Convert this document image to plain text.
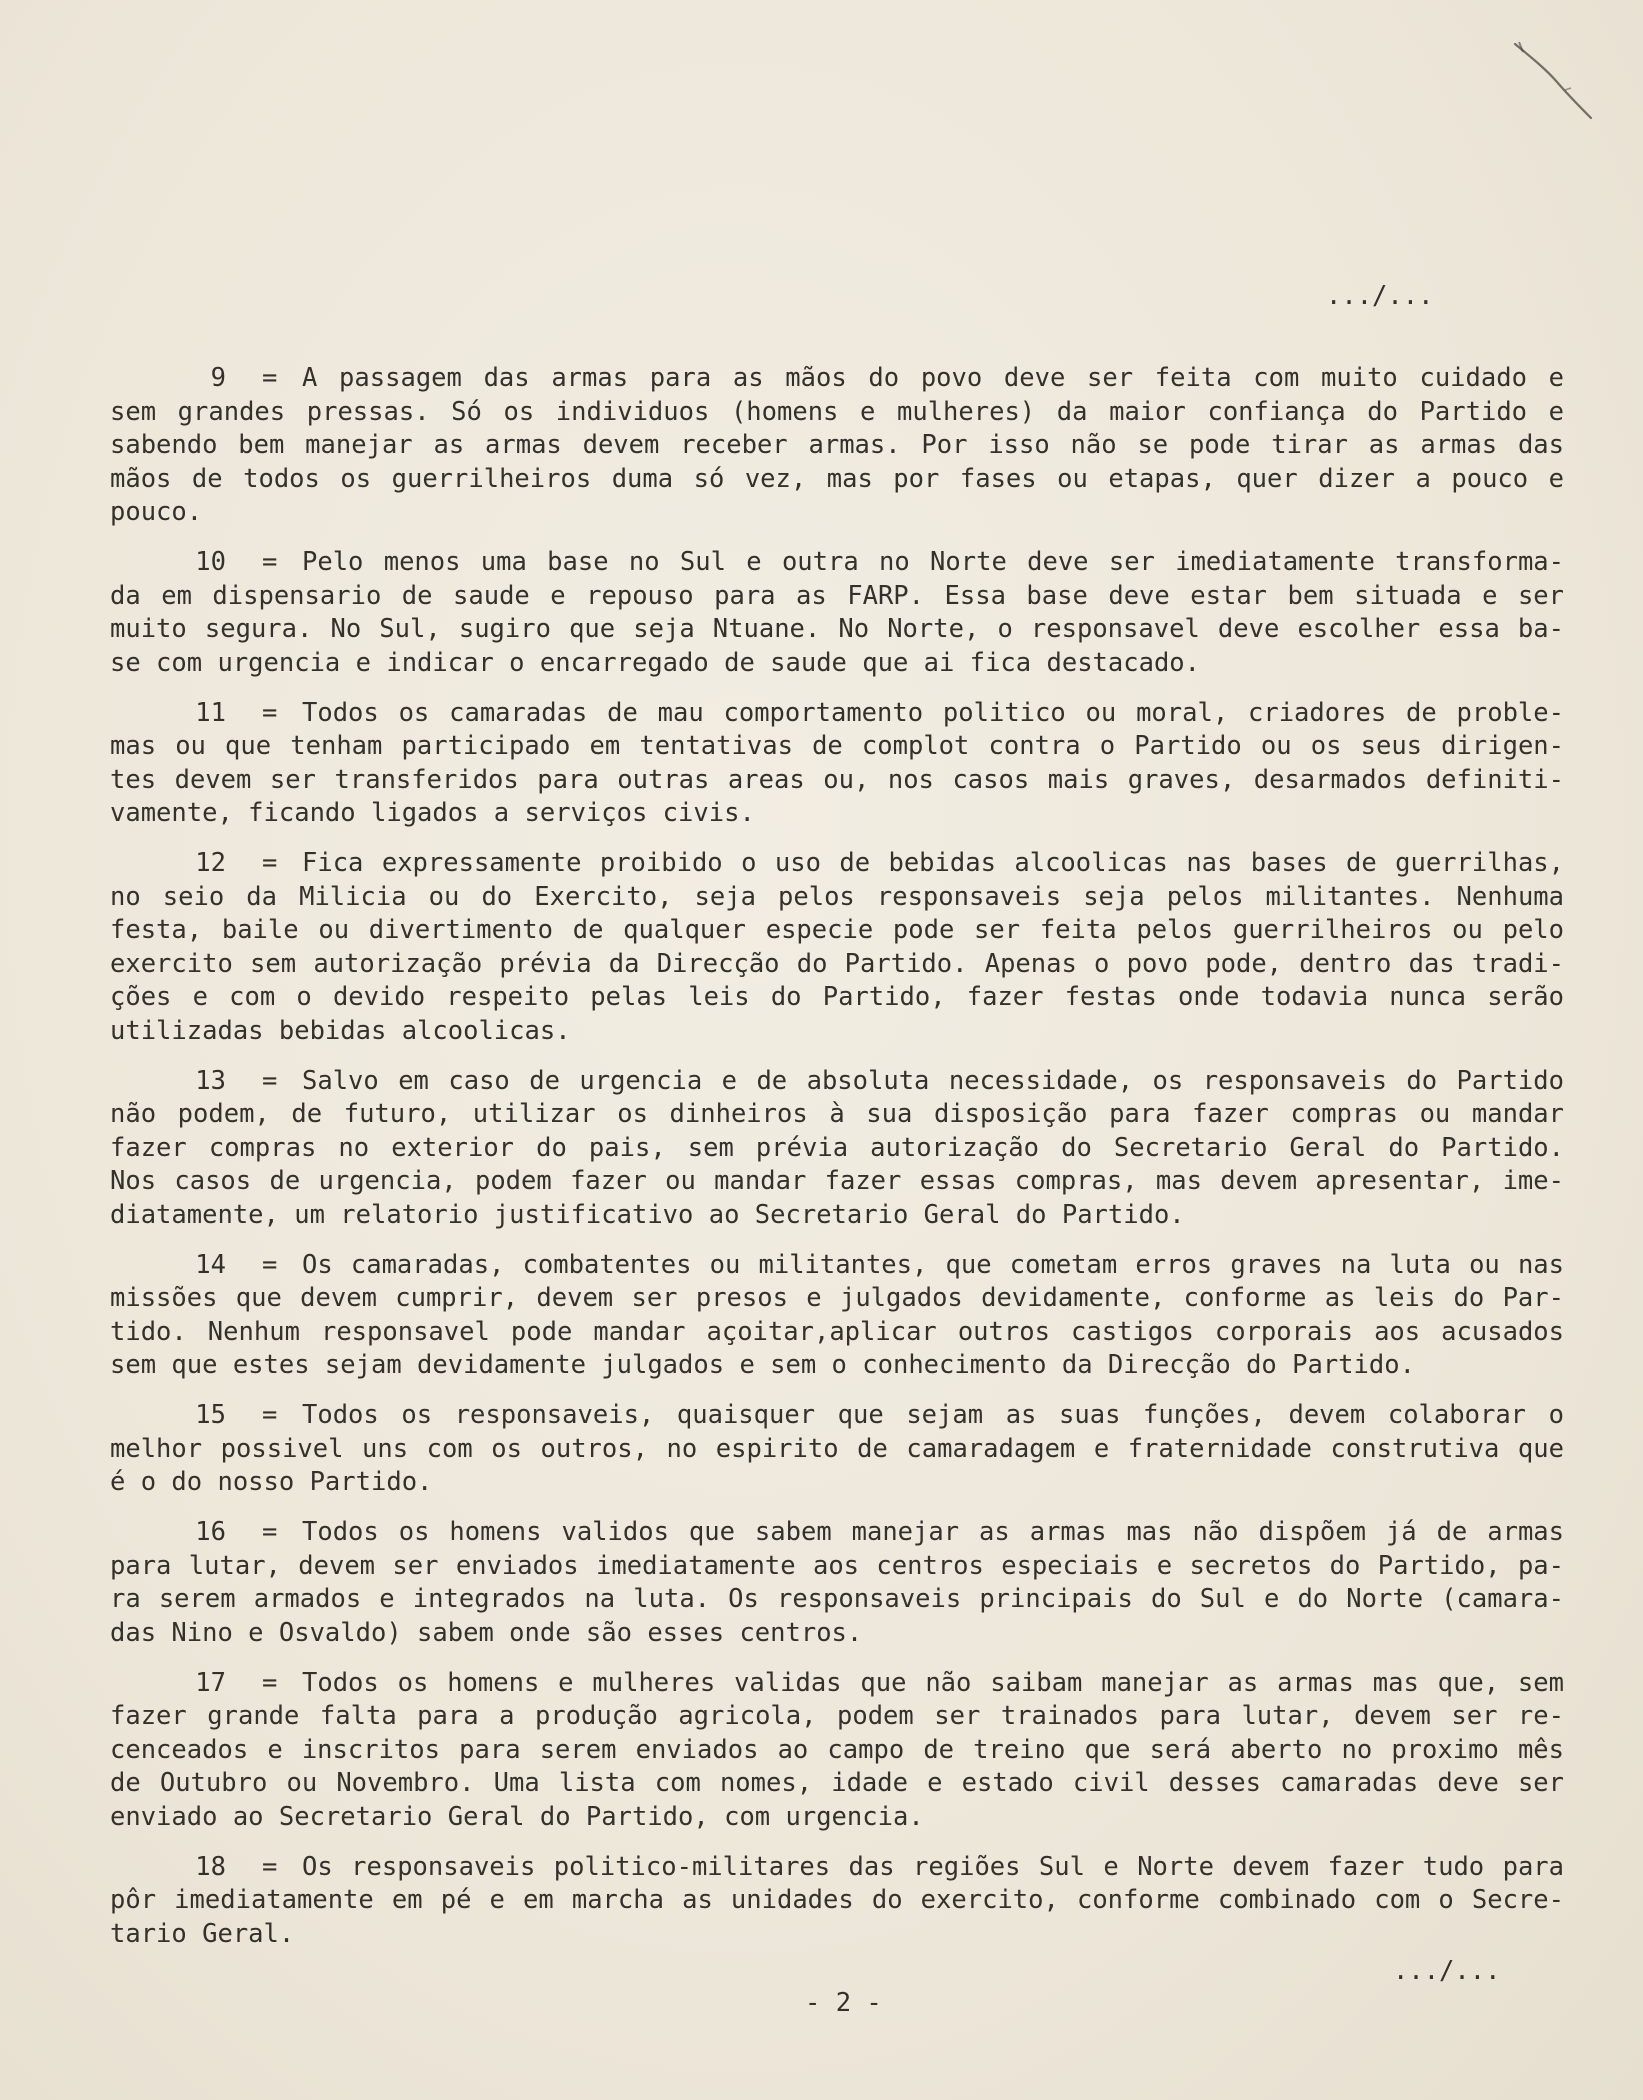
.../...
9	= A passagem das armas para as mãos do povo deve ser feita com muito cuidado e
sem grandes pressas. Só os individuos (homens e mulheres) da maior confiança do Partido e
sabendo bem manejar as armas devem receber armas. Por isso não se pode tirar as armas das
mãos de todos os guerrilheiros duma só vez, mas por fases ou etapas, quer dizer a pouco e
pouco.
10	= Pelo menos uma base no Sul e outra no Norte deve ser imediatamente transforma-
da em dispensario de saude e repouso para as FARP. Essa base deve estar bem situada e ser
muito segura. No Sul, sugiro que seja Ntuane. No Norte, o responsavel deve escolher essa ba-
se com urgencia e indicar o encarregado de saude que ai fica destacado.
11	= Todos os camaradas de mau comportamento politico ou moral, criadores de proble-
mas ou que tenham participado em tentativas de complot contra o Partido ou os seus dirigen-
tes devem ser transferidos para outras areas ou, nos casos mais graves, desarmados definiti-
vamente, ficando ligados a serviços civis.
12	= Fica expressamente proibido o uso de bebidas alcoolicas nas bases de guerrilhas,
no seio da Milicia ou do Exercito, seja pelos responsaveis seja pelos militantes. Nenhuma
festa, baile ou divertimento de qualquer especie pode ser feita pelos guerrilheiros ou pelo
exercito sem autorização prévia da Direcção do Partido. Apenas o povo pode, dentro das tradi-
ções e com o devido respeito pelas leis do Partido, fazer festas onde todavia nunca serão
utilizadas bebidas alcoolicas.
13	= Salvo em caso de urgencia e de absoluta necessidade, os responsaveis do Partido
não podem, de futuro, utilizar os dinheiros à sua disposição para fazer compras ou mandar
fazer compras no exterior do pais, sem prévia autorização do Secretario Geral do Partido.
Nos casos de urgencia, podem fazer ou mandar fazer essas compras, mas devem apresentar, ime-
diatamente, um relatorio justificativo ao Secretario Geral do Partido.
14	= Os camaradas, combatentes ou militantes, que cometam erros graves na luta ou nas
missões que devem cumprir, devem ser presos e julgados devidamente, conforme as leis do Par-
tido. Nenhum responsavel pode mandar açoitar,aplicar outros castigos corporais aos acusados
sem que estes sejam devidamente julgados e sem o conhecimento da Direcção do Partido.
15	= Todos os responsaveis, quaisquer que sejam as suas funções, devem colaborar o
melhor possivel uns com os outros, no espirito de camaradagem e fraternidade construtiva que
é o do nosso Partido.
16	= Todos os homens validos que sabem manejar as armas mas não dispõem já de armas
para lutar, devem ser enviados imediatamente aos centros especiais e secretos do Partido, pa-
ra serem armados e integrados na luta. Os responsaveis principais do Sul e do Norte (camara-
das Nino e Osvaldo) sabem onde são esses centros.
17	= Todos os homens e mulheres validas que não saibam manejar as armas mas que, sem
fazer grande falta para a produção agricola, podem ser trainados para lutar, devem ser re-
cenceados e inscritos para serem enviados ao campo de treino que será aberto no proximo mês
de Outubro ou Novembro. Uma lista com nomes, idade e estado civil desses camaradas deve ser
enviado ao Secretario Geral do Partido, com urgencia.
18	= Os responsaveis politico-militares das regiões Sul e Norte devem fazer tudo para
pôr imediatamente em pé e em marcha as unidades do exercito, conforme combinado com o Secre-
tario Geral.
.../...
- 2 -
